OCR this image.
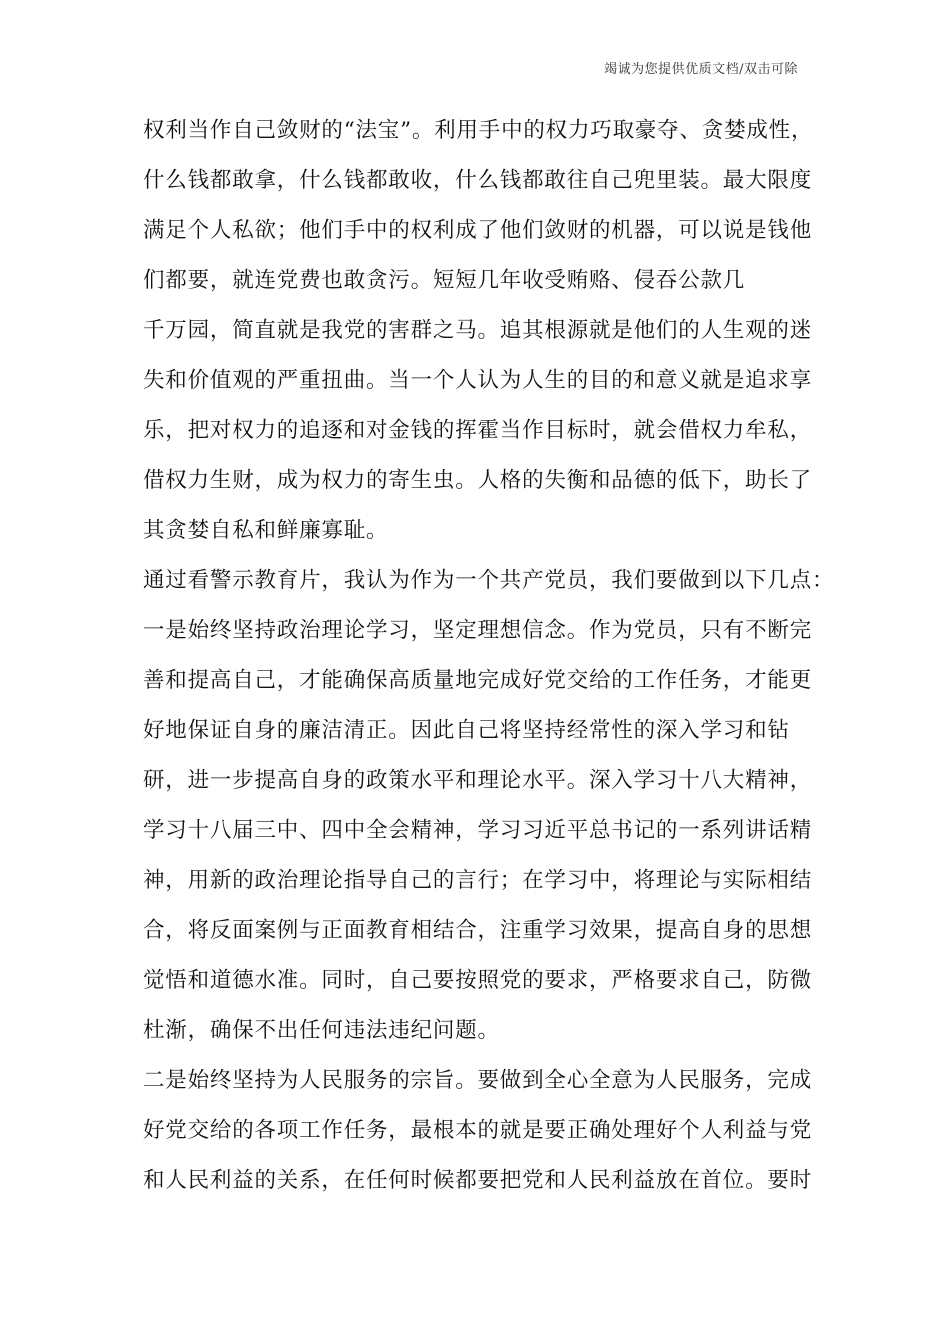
竭诚为您提供优质文档/双击可除
权利当作自己敛财的“法宝”。利用手中的权力巧取豪夺、贪婪成性，
什么钱都敢拿，什么钱都敢收，什么钱都敢往自己兜里装。最大限度
满足个人私欲；他们手中的权利成了他们敛财的机器，可以说是钱他
们都要，就连党费也敢贪污。短短几年收受贿赂、侵吞公款几
千万园，简直就是我党的害群之马。追其根源就是他们的人生观的迷
失和价值观的严重扭曲。当一个人认为人生的目的和意义就是追求享
乐，把对权力的追逐和对金钱的挥霍当作目标时，就会借权力牟私，
借权力生财，成为权力的寄生虫。人格的失衡和品德的低下，助长了
其贪婪自私和鲜廉寡耻。
通过看警示教育片，我认为作为一个共产党员，我们要做到以下几点：
一是始终坚持政治理论学习，坚定理想信念。作为党员，只有不断完
善和提高自己，才能确保高质量地完成好党交给的工作任务，才能更
好地保证自身的廉洁清正。因此自己将坚持经常性的深入学习和钻
研，进一步提高自身的政策水平和理论水平。深入学习十八大精神，
学习十八届三中、四中全会精神，学习习近平总书记的一系列讲话精
神，用新的政治理论指导自己的言行；在学习中，将理论与实际相结
合，将反面案例与正面教育相结合，注重学习效果，提高自身的思想
觉悟和道德水准。同时，自己要按照党的要求，严格要求自己，防微
杜渐，确保不出任何违法违纪问题。
二是始终坚持为人民服务的宗旨。要做到全心全意为人民服务，完成
好党交给的各项工作任务，最根本的就是要正确处理好个人利益与党
和人民利益的关系，在任何时候都要把党和人民利益放在首位。要时
